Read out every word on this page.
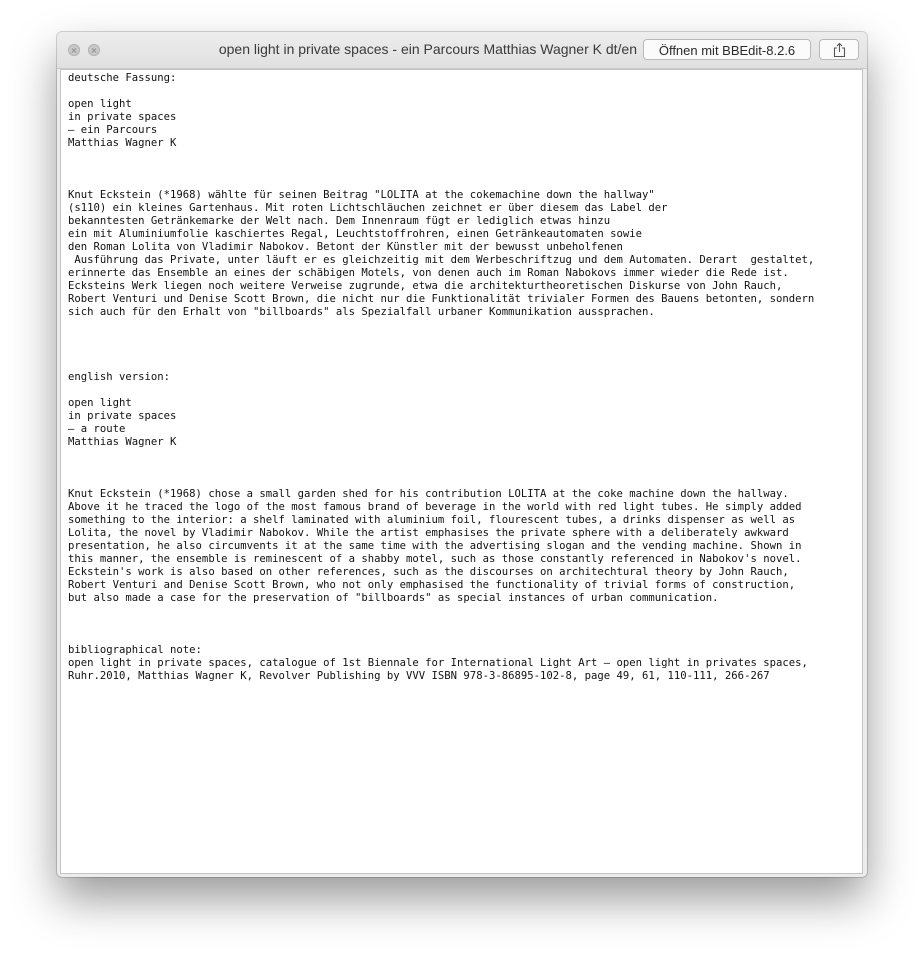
open light in private spaces - ein Parcours Matthias Wagner K dt/en	Öffnen mit BBEdit-8.2.6
deutsche Fassung:

open light
in private spaces
– ein Parcours
Matthias Wagner K

Knut Eckstein (*1968) wählte für seinen Beitrag "LOLITA at the cokemachine down the hallway"
(s110) ein kleines Gartenhaus. Mit roten Lichtschläuchen zeichnet er über diesem das Label der
bekanntesten Getränkemarke der Welt nach. Dem Innenraum fügt er lediglich etwas hinzu
ein mit Aluminiumfolie kaschiertes Regal, Leuchtstoffrohren, einen Getränkeautomaten sowie
den Roman Lolita von Vladimir Nabokov. Betont der Künstler mit der bewusst unbeholfenen
Ausführung das Private, unter läuft er es gleichzeitig mit dem Werbeschriftzug und dem Automaten. Derart  gestaltet,
erinnerte das Ensemble an eines der schäbigen Motels, von denen auch im Roman Nabokovs immer wieder die Rede ist.
Ecksteins Werk liegen noch weitere Verweise zugrunde, etwa die architekturtheoretischen Diskurse von John Rauch,
Robert Venturi und Denise Scott Brown, die nicht nur die Funktionalität trivialer Formen des Bauens betonten, sondern
sich auch für den Erhalt von "billboards" als Spezialfall urbaner Kommunikation aussprachen.

english version:

open light
in private spaces
– a route
Matthias Wagner K

Knut Eckstein (*1968) chose a small garden shed for his contribution LOLITA at the coke machine down the hallway.
Above it he traced the logo of the most famous brand of beverage in the world with red light tubes. He simply added
something to the interior: a shelf laminated with aluminium foil, flourescent tubes, a drinks dispenser as well as
Lolita, the novel by Vladimir Nabokov. While the artist emphasises the private sphere with a deliberately awkward
presentation, he also circumvents it at the same time with the advertising slogan and the vending machine. Shown in
this manner, the ensemble is reminescent of a shabby motel, such as those constantly referenced in Nabokov's novel.
Eckstein's work is also based on other references, such as the discourses on architechtural theory by John Rauch,
Robert Venturi and Denise Scott Brown, who not only emphasised the functionality of trivial forms of construction,
but also made a case for the preservation of "billboards" as special instances of urban communication.

bibliographical note:
open light in private spaces, catalogue of 1st Biennale for International Light Art – open light in privates spaces,
Ruhr.2010, Matthias Wagner K, Revolver Publishing by VVV ISBN 978-3-86895-102-8, page 49, 61, 110-111, 266-267
